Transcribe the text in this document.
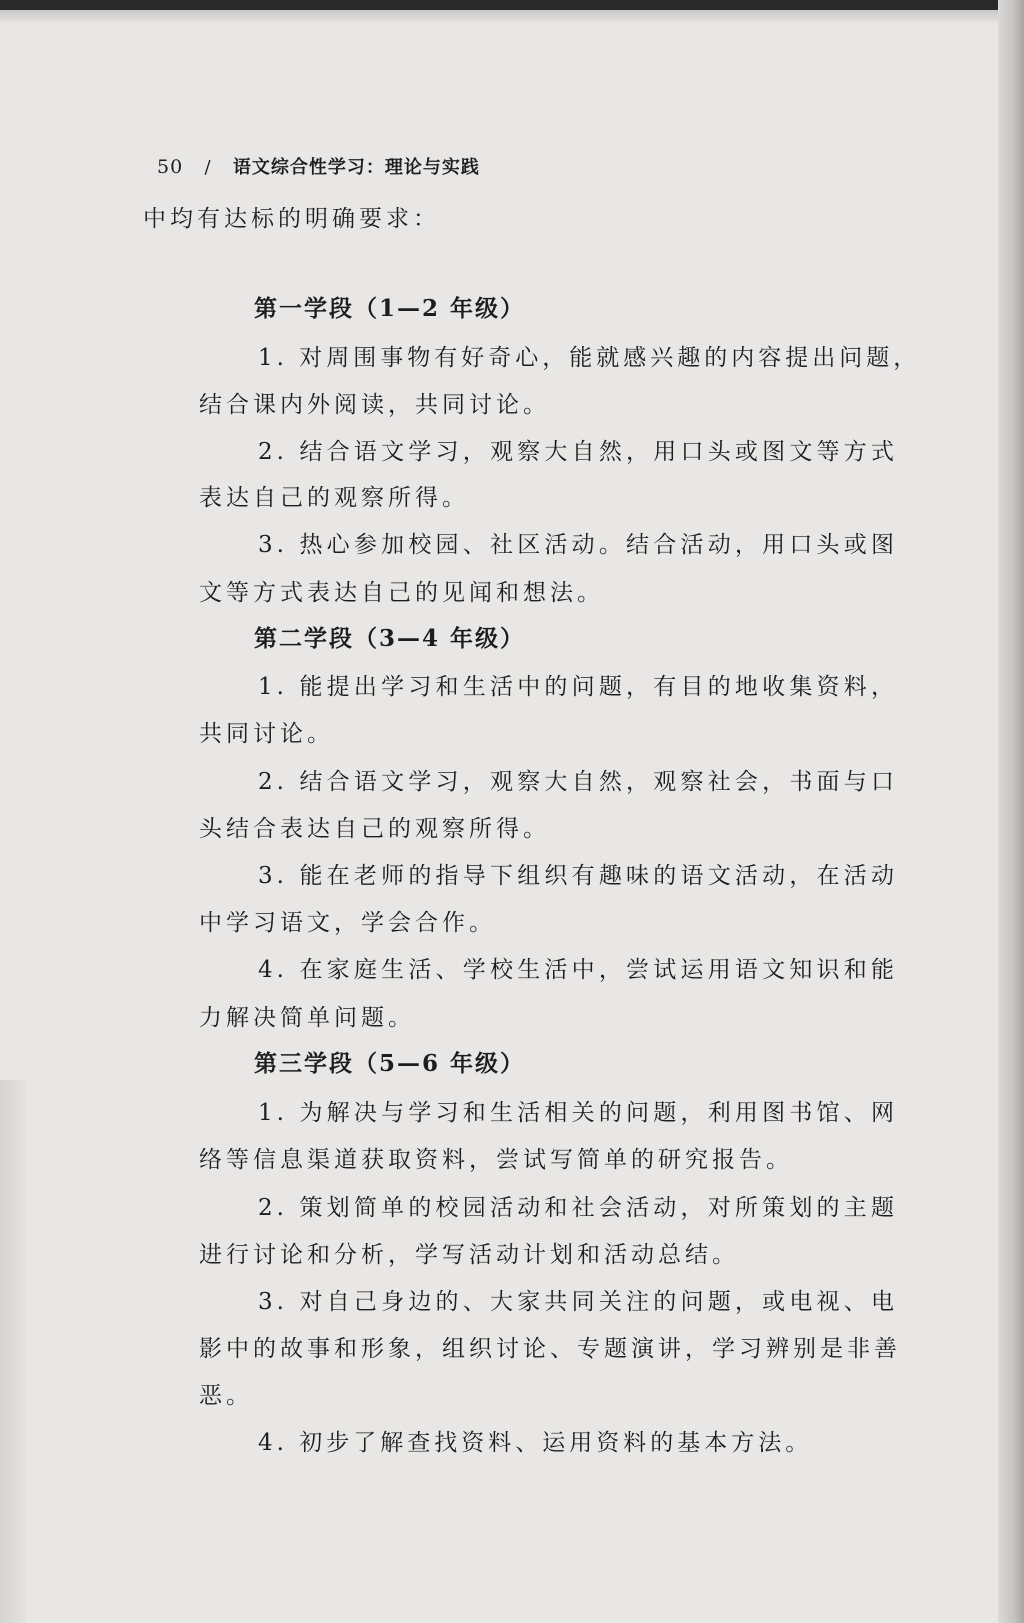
50 / 语文综合性学习：理论与实践
中均有达标的明确要求：
第一学段（1—2 年级）
1. 对周围事物有好奇心，能就感兴趣的内容提出问题，
结合课内外阅读，共同讨论。
2. 结合语文学习，观察大自然，用口头或图文等方式
表达自己的观察所得。
3. 热心参加校园、社区活动。结合活动，用口头或图
文等方式表达自己的见闻和想法。
第二学段（3—4 年级）
1. 能提出学习和生活中的问题，有目的地收集资料，
共同讨论。
2. 结合语文学习，观察大自然，观察社会，书面与口
头结合表达自己的观察所得。
3. 能在老师的指导下组织有趣味的语文活动，在活动
中学习语文，学会合作。
4. 在家庭生活、学校生活中，尝试运用语文知识和能
力解决简单问题。
第三学段（5—6 年级）
1. 为解决与学习和生活相关的问题，利用图书馆、网
络等信息渠道获取资料，尝试写简单的研究报告。
2. 策划简单的校园活动和社会活动，对所策划的主题
进行讨论和分析，学写活动计划和活动总结。
3. 对自己身边的、大家共同关注的问题，或电视、电
影中的故事和形象，组织讨论、专题演讲，学习辨别是非善
恶。
4. 初步了解查找资料、运用资料的基本方法。
